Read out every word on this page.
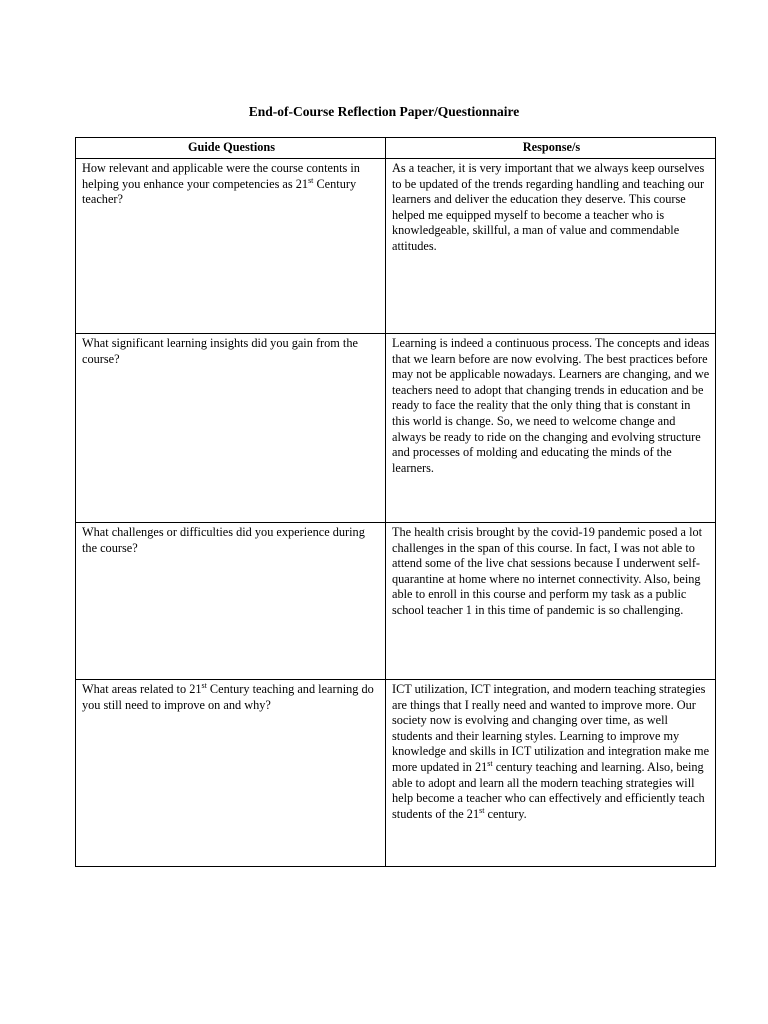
End-of-Course Reflection Paper/Questionnaire
Guide Questions	Response/s

How relevant and applicable were the course contents in helping you enhance your competencies as 21st Century teacher?	As a teacher, it is very important that we always keep ourselves to be updated of the trends regarding handling and teaching our learners and deliver the education they deserve. This course helped me equipped myself to become a teacher who is knowledgeable, skillful, a man of value and commendable attitudes.

What significant learning insights did you gain from the course?	Learning is indeed a continuous process. The concepts and ideas that we learn before are now evolving. The best practices before may not be applicable nowadays. Learners are changing, and we teachers need to adopt that changing trends in education and be ready to face the reality that the only thing that is constant in this world is change. So, we need to welcome change and always be ready to ride on the changing and evolving structure and processes of molding and educating the minds of the learners.

What challenges or difficulties did you experience during the course?	The health crisis brought by the covid-19 pandemic posed a lot challenges in the span of this course. In fact, I was not able to attend some of the live chat sessions because I underwent self-quarantine at home where no internet connectivity. Also, being able to enroll in this course and perform my task as a public school teacher 1 in this time of pandemic is so challenging.

What areas related to 21st Century teaching and learning do you still need to improve on and why?	ICT utilization, ICT integration, and modern teaching strategies are things that I really need and wanted to improve more. Our society now is evolving and changing over time, as well students and their learning styles. Learning to improve my knowledge and skills in ICT utilization and integration make me more updated in 21st century teaching and learning. Also, being able to adopt and learn all the modern teaching strategies will help become a teacher who can effectively and efficiently teach students of the 21st century.
